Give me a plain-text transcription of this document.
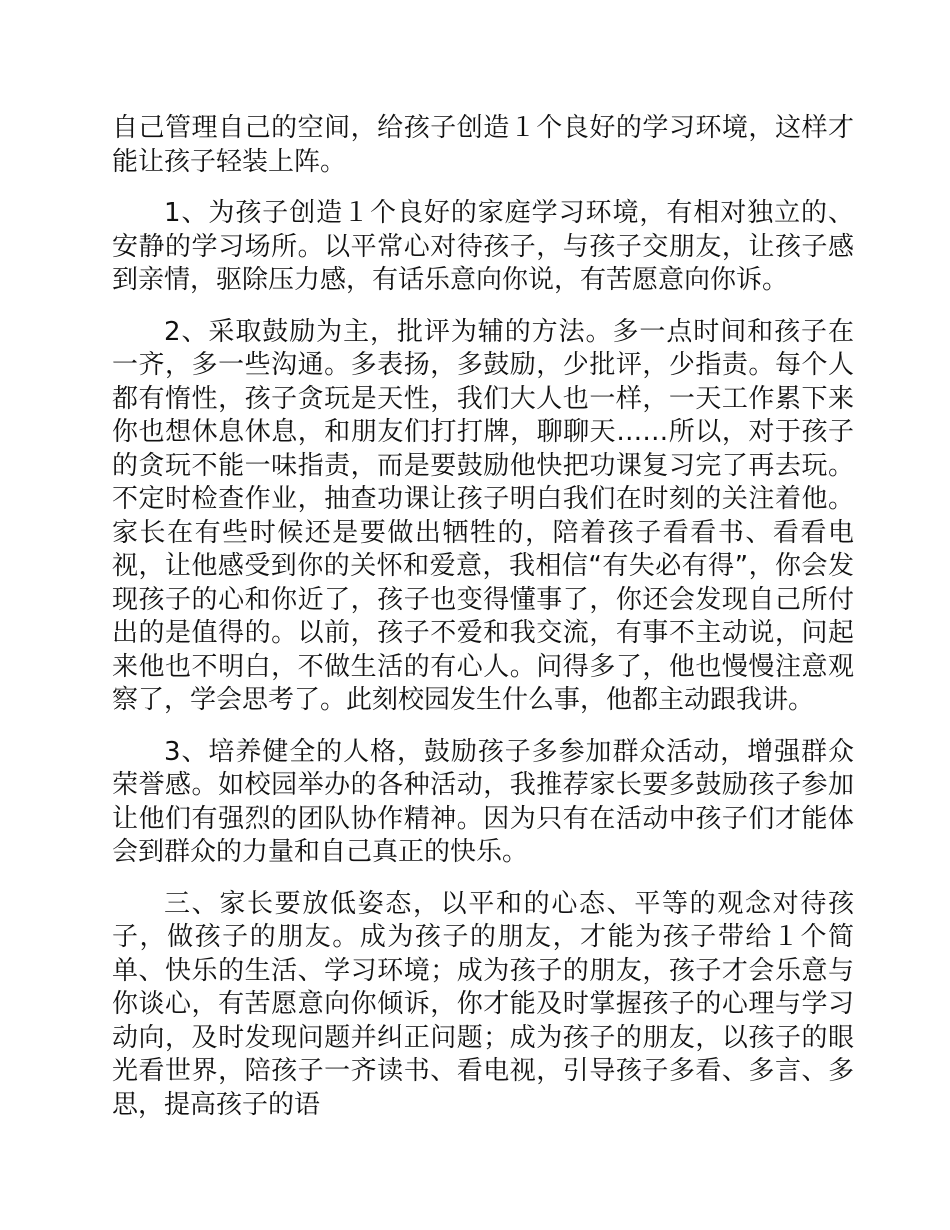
自己管理自己的空间，给孩子创造１个良好的学习环境，这样才能让孩子轻装上阵。

1、为孩子创造１个良好的家庭学习环境，有相对独立的、安静的学习场所。以平常心对待孩子，与孩子交朋友，让孩子感到亲情，驱除压力感，有话乐意向你说，有苦愿意向你诉。

2、采取鼓励为主，批评为辅的方法。多一点时间和孩子在一齐，多一些沟通。多表扬，多鼓励，少批评，少指责。每个人都有惰性，孩子贪玩是天性，我们大人也一样，一天工作累下来你也想休息休息，和朋友们打打牌，聊聊天……所以，对于孩子的贪玩不能一味指责，而是要鼓励他快把功课复习完了再去玩。不定时检查作业，抽查功课让孩子明白我们在时刻的关注着他。家长在有些时候还是要做出牺牲的，陪着孩子看看书、看看电视，让他感受到你的关怀和爱意，我相信“有失必有得”，你会发现孩子的心和你近了，孩子也变得懂事了，你还会发现自己所付出的是值得的。以前，孩子不爱和我交流，有事不主动说，问起来他也不明白，不做生活的有心人。问得多了，他也慢慢注意观察了，学会思考了。此刻校园发生什么事，他都主动跟我讲。

3、培养健全的人格，鼓励孩子多参加群众活动，增强群众荣誉感。如校园举办的各种活动，我推荐家长要多鼓励孩子参加让他们有强烈的团队协作精神。因为只有在活动中孩子们才能体会到群众的力量和自己真正的快乐。

三、家长要放低姿态，以平和的心态、平等的观念对待孩子，做孩子的朋友。成为孩子的朋友，才能为孩子带给１个简单、快乐的生活、学习环境；成为孩子的朋友，孩子才会乐意与你谈心，有苦愿意向你倾诉，你才能及时掌握孩子的心理与学习动向，及时发现问题并纠正问题；成为孩子的朋友，以孩子的眼光看世界，陪孩子一齐读书、看电视，引导孩子多看、多言、多思，提高孩子的语
